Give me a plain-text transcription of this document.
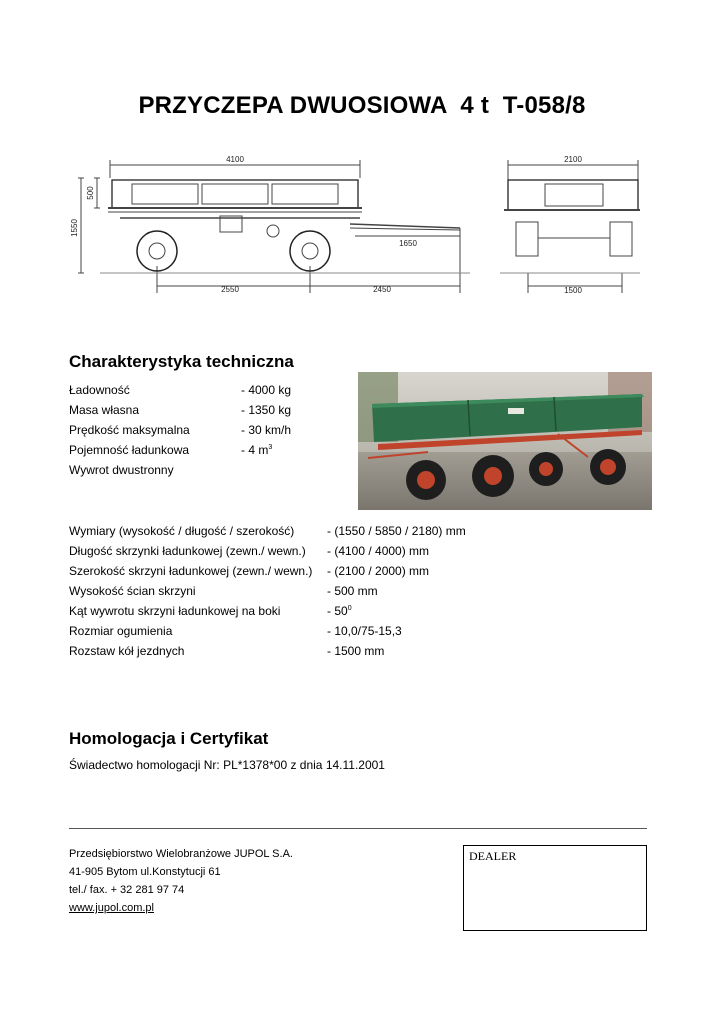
PRZYCZEPA DWUOSIOWA  4 t  T-058/8
4100
500
1550
1650
2550	2450
2100
1500
Charakterystyka techniczna
Ładowność	- 4000 kg
Masa własna	- 1350 kg
Prędkość maksymalna	- 30 km/h
Pojemność ładunkowa	- 4 $m^3$
Wywrot dwustronny
Wymiary (wysokość / długość / szerokość)	- (1550 / 5850 / 2180) mm
Długość skrzynki ładunkowej (zewn./ wewn.) - (4100 / 4000) mm
Szerokość skrzyni ładunkowej (zewn./ wewn.) - (2100 / 2000) mm
Wysokość ścian skrzyni	- 500 mm
Kąt wywrotu skrzyni ładunkowej na boki	- $50^0$
Rozmiar ogumienia	- 10,0/75-15,3
Rozstaw kół jezdnych	- 1500 mm
Homologacja i Certyfikat
Świadectwo homologacji Nr: PL*1378*00 z dnia 14.11.2001
Przedsiębiorstwo Wielobranżowe JUPOL S.A.
41-905 Bytom ul.Konstytucji 61
tel./ fax. + 32 281 97 74
www.jupol.com.pl
DEALER
